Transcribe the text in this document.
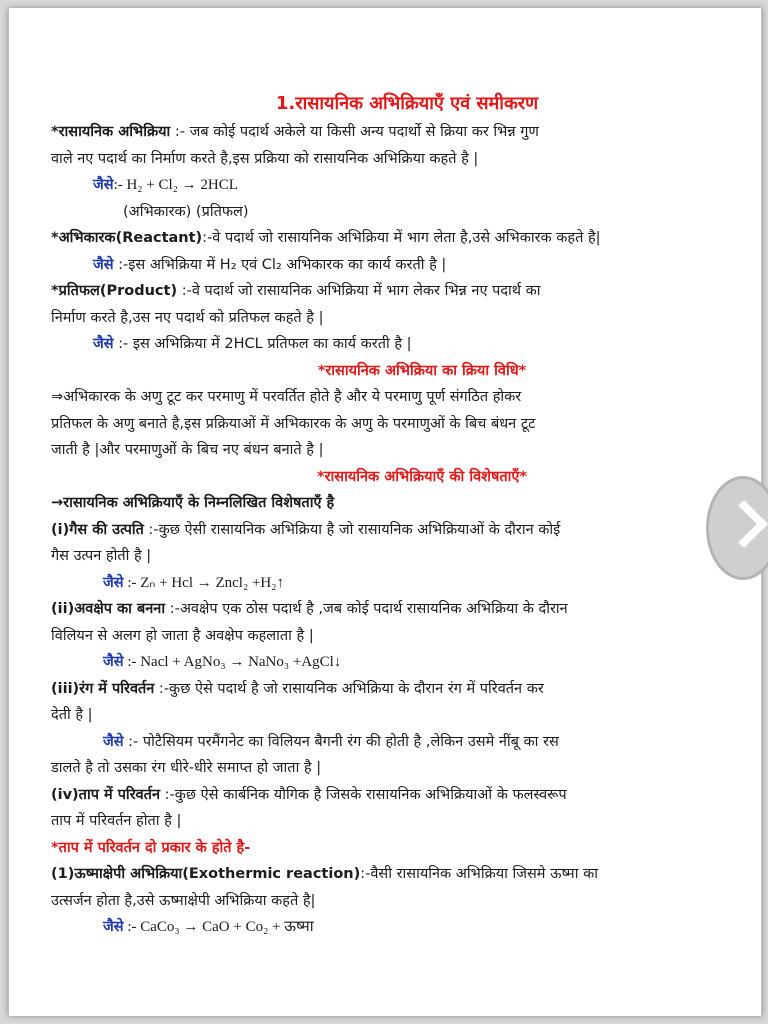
1.रासायनिक अभिक्रियाएँ एवं समीकरण

*रासायनिक अभिक्रिया :- जब कोई पदार्थ अकेले या किसी अन्य पदार्थो से क्रिया कर भिन्न गुण

वाले नए पदार्थ का निर्माण करते है,इस प्रक्रिया को रासायनिक अभिक्रिया कहते है |

जैसे:- H₂ + Cl₂ → 2HCL

(अभिकारक) (प्रतिफल)

*अभिकारक(Reactant):-वे पदार्थ जो रासायनिक अभिक्रिया में भाग लेता है,उसे अभिकारक कहते है|

जैसे :-इस अभिक्रिया में H₂ एवं Cl₂ अभिकारक का कार्य करती है |

*प्रतिफल(Product) :-वे पदार्थ जो रासायनिक अभिक्रिया में भाग लेकर भिन्न नए पदार्थ का

निर्माण करते है,उस नए पदार्थ को प्रतिफल कहते है |

जैसे :- इस अभिक्रिया में 2HCL प्रतिफल का कार्य करती है |

*रासायनिक अभिक्रिया का क्रिया विधि*

⇒अभिकारक के अणु टूट कर परमाणु में परवर्तित होते है और ये परमाणु पूर्ण संगठित होकर

प्रतिफल के अणु बनाते है,इस प्रक्रियाओं में अभिकारक के अणु के परमाणुओं के बिच बंधन टूट

जाती है |और परमाणुओं के बिच नए बंधन बनाते है |

*रासायनिक अभिक्रियाएँ की विशेषताएँ*

→रासायनिक अभिक्रियाएँ के निम्नलिखित विशेषताएँ है

(i)गैस की उत्पति :-कुछ ऐसी रासायनिक अभिक्रिया है जो रासायनिक अभिक्रियाओं के दौरान कोई

गैस उत्पन होती है |

जैसे :- Zₙ + Hcl → Zncl₂ +H₂↑

(ii)अवक्षेप का बनना :-अवक्षेप एक ठोस पदार्थ है ,जब कोई पदार्थ रासायनिक अभिक्रिया के दौरान

विलियन से अलग हो जाता है अवक्षेप कहलाता है |

जैसे :- Nacl + AgNo₃ → NaNo₃ +AgCl↓

(iii)रंग में परिवर्तन :-कुछ ऐसे पदार्थ है जो रासायनिक अभिक्रिया के दौरान रंग में परिवर्तन कर

देती है |

जैसे :- पोटैसियम परमैंगनेट का विलियन बैगनी रंग की होती है ,लेकिन उसमे नींबू का रस

डालते है तो उसका रंग धीरे-धीरे समाप्त हो जाता है |

(iv)ताप में परिवर्तन :-कुछ ऐसे कार्बनिक यौगिक है जिसके रासायनिक अभिक्रियाओं के फलस्वरूप

ताप में परिवर्तन होता है |

*ताप में परिवर्तन दो प्रकार के होते है-

(1)ऊष्माक्षेपी अभिक्रिया(Exothermic reaction):-वैसी रासायनिक अभिक्रिया जिसमे ऊष्मा का

उत्सर्जन होता है,उसे ऊष्माक्षेपी अभिक्रिया कहते है|

जैसे :- CaCo₃ → CaO + Co₂ + ऊष्मा
